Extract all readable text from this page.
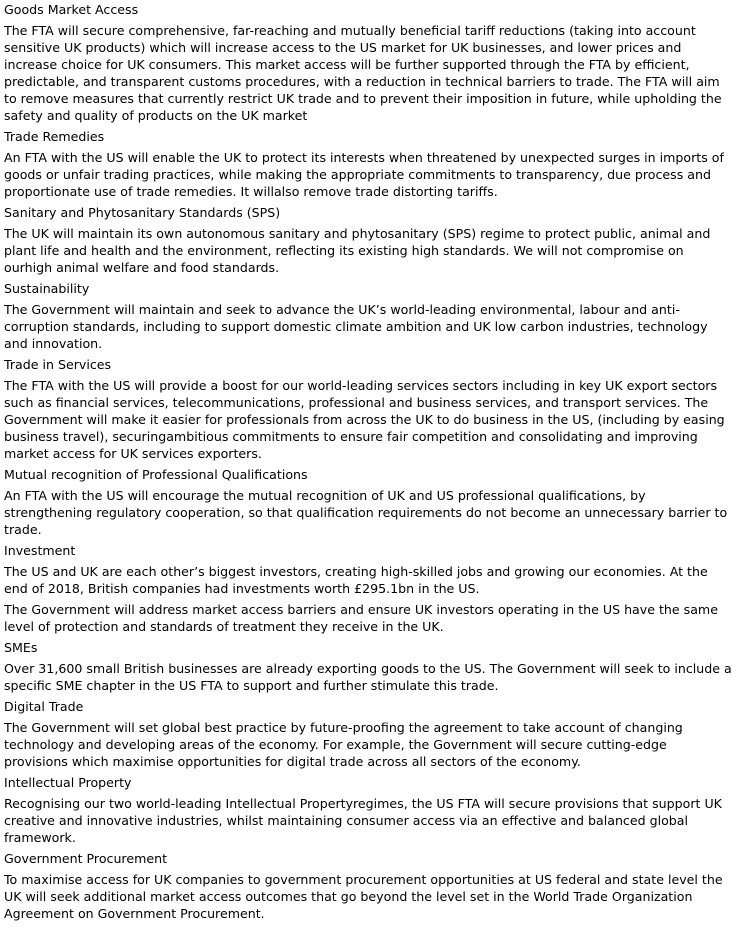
Goods Market Access
The FTA will secure comprehensive, far-reaching and mutually beneficial tariff reductions (taking into account sensitive UK products) which will increase access to the US market for UK businesses, and lower prices and increase choice for UK consumers. This market access will be further supported through the FTA by efficient, predictable, and transparent customs procedures, with a reduction in technical barriers to trade. The FTA will aim to remove measures that currently restrict UK trade and to prevent their imposition in future, while upholding the safety and quality of products on the UK market
Trade Remedies
An FTA with the US will enable the UK to protect its interests when threatened by unexpected surges in imports of goods or unfair trading practices, while making the appropriate commitments to transparency, due process and proportionate use of trade remedies. It willalso remove trade distorting tariffs.
Sanitary and Phytosanitary Standards (SPS)
The UK will maintain its own autonomous sanitary and phytosanitary (SPS) regime to protect public, animal and plant life and health and the environment, reflecting its existing high standards. We will not compromise on ourhigh animal welfare and food standards.
Sustainability
The Government will maintain and seek to advance the UK’s world-leading environmental, labour and anti-corruption standards, including to support domestic climate ambition and UK low carbon industries, technology and innovation.
Trade in Services
The FTA with the US will provide a boost for our world-leading services sectors including in key UK export sectors such as financial services, telecommunications, professional and business services, and transport services. The Government will make it easier for professionals from across the UK to do business in the US, (including by easing business travel), securingambitious commitments to ensure fair competition and consolidating and improving market access for UK services exporters.
Mutual recognition of Professional Qualifications
An FTA with the US will encourage the mutual recognition of UK and US professional qualifications, by strengthening regulatory cooperation, so that qualification requirements do not become an unnecessary barrier to trade.
Investment
The US and UK are each other’s biggest investors, creating high-skilled jobs and growing our economies. At the end of 2018, British companies had investments worth £295.1bn in the US.
The Government will address market access barriers and ensure UK investors operating in the US have the same level of protection and standards of treatment they receive in the UK.
SMEs
Over 31,600 small British businesses are already exporting goods to the US. The Government will seek to include a specific SME chapter in the US FTA to support and further stimulate this trade.
Digital Trade
The Government will set global best practice by future-proofing the agreement to take account of changing technology and developing areas of the economy. For example, the Government will secure cutting-edge provisions which maximise opportunities for digital trade across all sectors of the economy.
Intellectual Property
Recognising our two world-leading Intellectual Propertyregimes, the US FTA will secure provisions that support UK creative and innovative industries, whilst maintaining consumer access via an effective and balanced global framework.
Government Procurement
To maximise access for UK companies to government procurement opportunities at US federal and state level the UK will seek additional market access outcomes that go beyond the level set in the World Trade Organization Agreement on Government Procurement.
